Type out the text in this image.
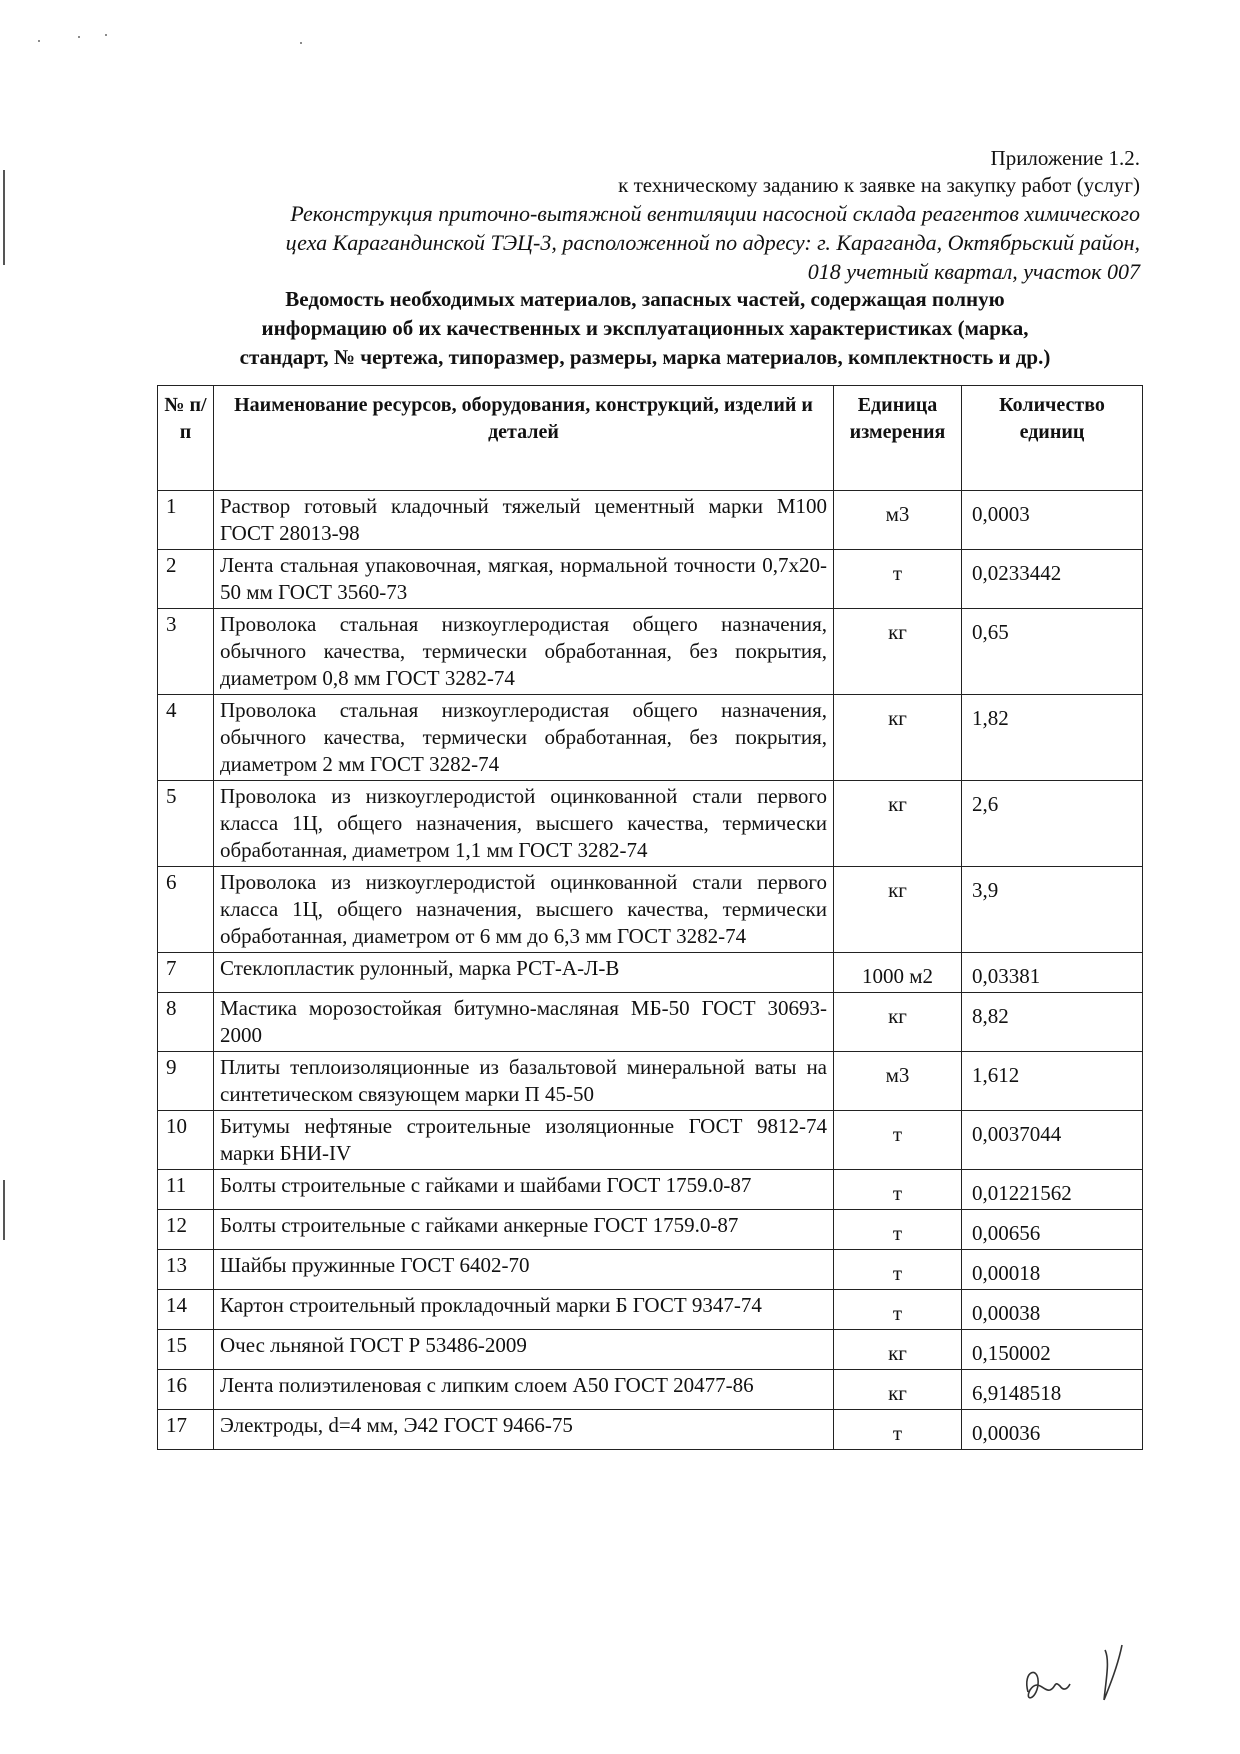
Приложение 1.2.
к техническому заданию к заявке на закупку работ (услуг)
Реконструкция приточно-вытяжной вентиляции насосной склада реагентов химического
цеха Карагандинской ТЭЦ-3, расположенной по адресу: г. Караганда, Октябрьский район,
018 учетный квартал, участок 007
Ведомость необходимых материалов, запасных частей, содержащая полную
информацию об их качественных и эксплуатационных характеристиках (марка,
стандарт, № чертежа, типоразмер, размеры, марка материалов, комплектность и др.)
№ п/п	Наименование ресурсов, оборудования, конструкций, изделий и деталей	Единица измерения	Количество единиц
1	Раствор готовый кладочный тяжелый цементный марки М100 ГОСТ 28013-98	м3	0,0003
2	Лента стальная упаковочная, мягкая, нормальной точности 0,7х20-50 мм ГОСТ 3560-73	т	0,0233442
3	Проволока стальная низкоуглеродистая общего назначения, обычного качества, термически обработанная, без покрытия, диаметром 0,8 мм ГОСТ 3282-74	кг	0,65
4	Проволока стальная низкоуглеродистая общего назначения, обычного качества, термически обработанная, без покрытия, диаметром 2 мм ГОСТ 3282-74	кг	1,82
5	Проволока из низкоуглеродистой оцинкованной стали первого класса 1Ц, общего назначения, высшего качества, термически обработанная, диаметром 1,1 мм ГОСТ 3282-74	кг	2,6
6	Проволока из низкоуглеродистой оцинкованной стали первого класса 1Ц, общего назначения, высшего качества, термически обработанная, диаметром от 6 мм до 6,3 мм ГОСТ 3282-74	кг	3,9
7	Стеклопластик рулонный, марка РСТ-А-Л-В	1000 м2	0,03381
8	Мастика морозостойкая битумно-масляная МБ-50 ГОСТ 30693-2000	кг	8,82
9	Плиты теплоизоляционные из базальтовой минеральной ваты на синтетическом связующем марки П 45-50	м3	1,612
10	Битумы нефтяные строительные изоляционные ГОСТ 9812-74 марки БНИ-IV	т	0,0037044
11	Болты строительные с гайками и шайбами ГОСТ 1759.0-87	т	0,01221562
12	Болты строительные с гайками анкерные ГОСТ 1759.0-87	т	0,00656
13	Шайбы пружинные ГОСТ 6402-70	т	0,00018
14	Картон строительный прокладочный марки Б ГОСТ 9347-74	т	0,00038
15	Очес льняной ГОСТ Р 53486-2009	кг	0,150002
16	Лента полиэтиленовая с липким слоем А50 ГОСТ 20477-86	кг	6,9148518
17	Электроды, d=4 мм, Э42 ГОСТ 9466-75	т	0,00036
